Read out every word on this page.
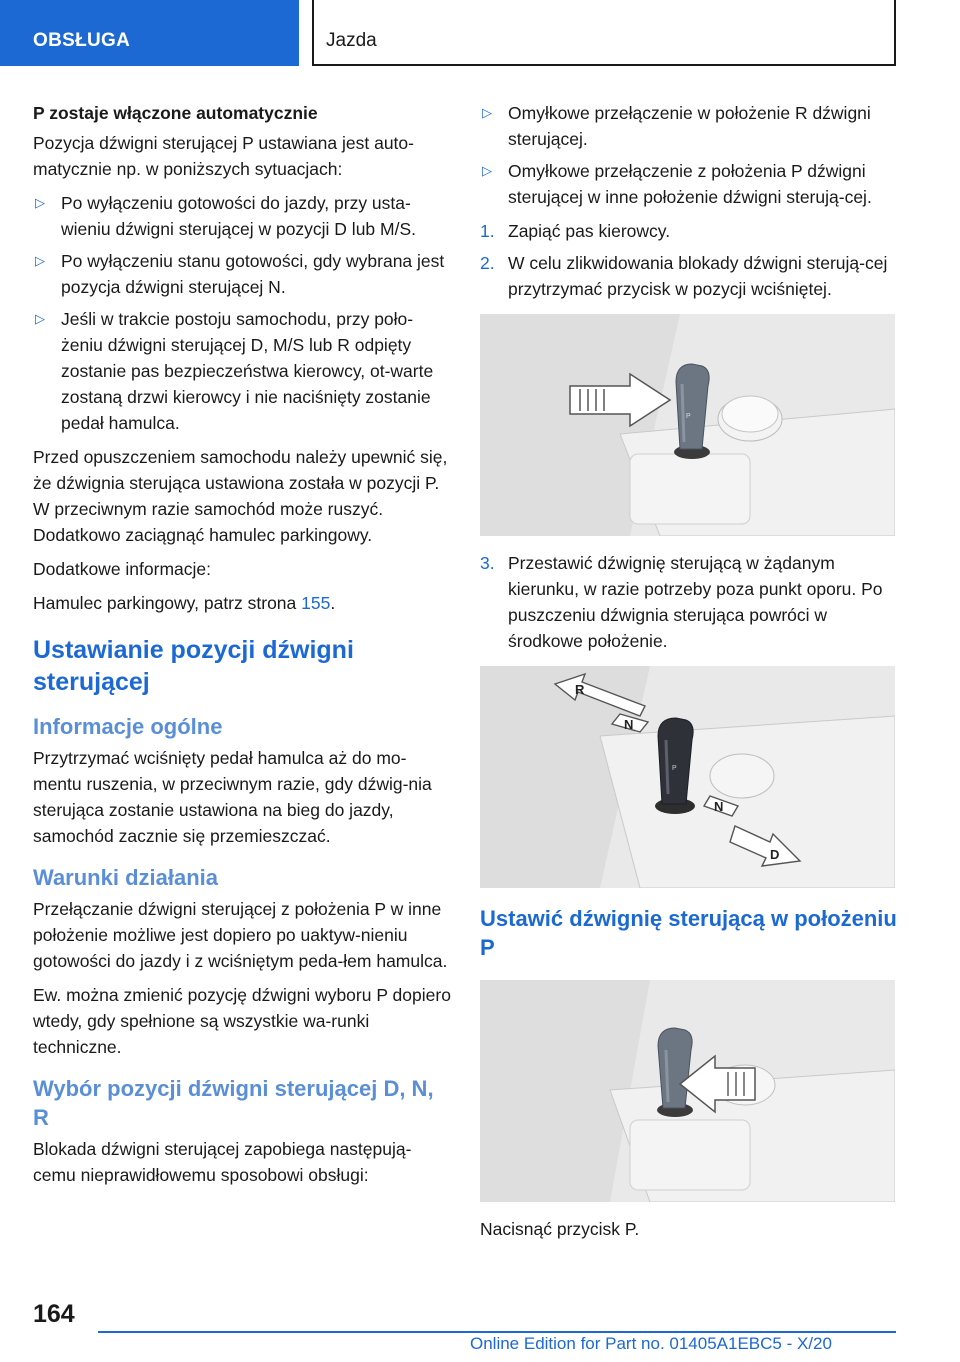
OBSŁUGA	Jazda

P zostaje włączone automatycznie

Pozycja dźwigni sterującej P ustawiana jest auto-matycznie np. w poniższych sytuacjach:

▷ Po wyłączeniu gotowości do jazdy, przy usta-wieniu dźwigni sterującej w pozycji D lub M/S.
▷ Po wyłączeniu stanu gotowości, gdy wybrana jest pozycja dźwigni sterującej N.
▷ Jeśli w trakcie postoju samochodu, przy poło-żeniu dźwigni sterującej D, M/S lub R odpięty zostanie pas bezpieczeństwa kierowcy, ot-warte zostaną drzwi kierowcy i nie naciśnięty zostanie pedał hamulca.

Przed opuszczeniem samochodu należy upewnić się, że dźwignia sterująca ustawiona została w pozycji P. W przeciwnym razie samochód może ruszyć. Dodatkowo zaciągnąć hamulec parkingowy.

Dodatkowe informacje:

Hamulec parkingowy, patrz strona 155.

Ustawianie pozycji dźwigni sterującej
Informacje ogólne

Przytrzymać wciśnięty pedał hamulca aż do mo-mentu ruszenia, w przeciwnym razie, gdy dźwig-nia sterująca zostanie ustawiona na bieg do jazdy, samochód zacznie się przemieszczać.

Warunki działania

Przełączanie dźwigni sterującej z położenia P w inne położenie możliwe jest dopiero po uaktyw-nieniu gotowości do jazdy i z wciśniętym peda-łem hamulca.

Ew. można zmienić pozycję dźwigni wyboru P dopiero wtedy, gdy spełnione są wszystkie wa-runki techniczne.

Wybór pozycji dźwigni sterującej D, N, R

Blokada dźwigni sterującej zapobiega następują-cemu nieprawidłowemu sposobowi obsługi:

▷ Omyłkowe przełączenie w położenie R dźwigni sterującej.
▷ Omyłkowe przełączenie z położenia P dźwigni sterującej w inne położenie dźwigni sterują-cej.
1. Zapiąć pas kierowcy.
2. W celu zlikwidowania blokady dźwigni sterują-cej przytrzymać przycisk w pozycji wciśniętej.
P
3. Przestawić dźwignię sterującą w żądanym kierunku, w razie potrzeby poza punkt oporu. Po puszczeniu dźwignia sterująca powróci w środkowe położenie.
P
R
N
N
D
Ustawić dźwignię sterującą w położeniu P

Nacisnąć przycisk P.

164
Online Edition for Part no. 01405A1EBC5 - X/20
